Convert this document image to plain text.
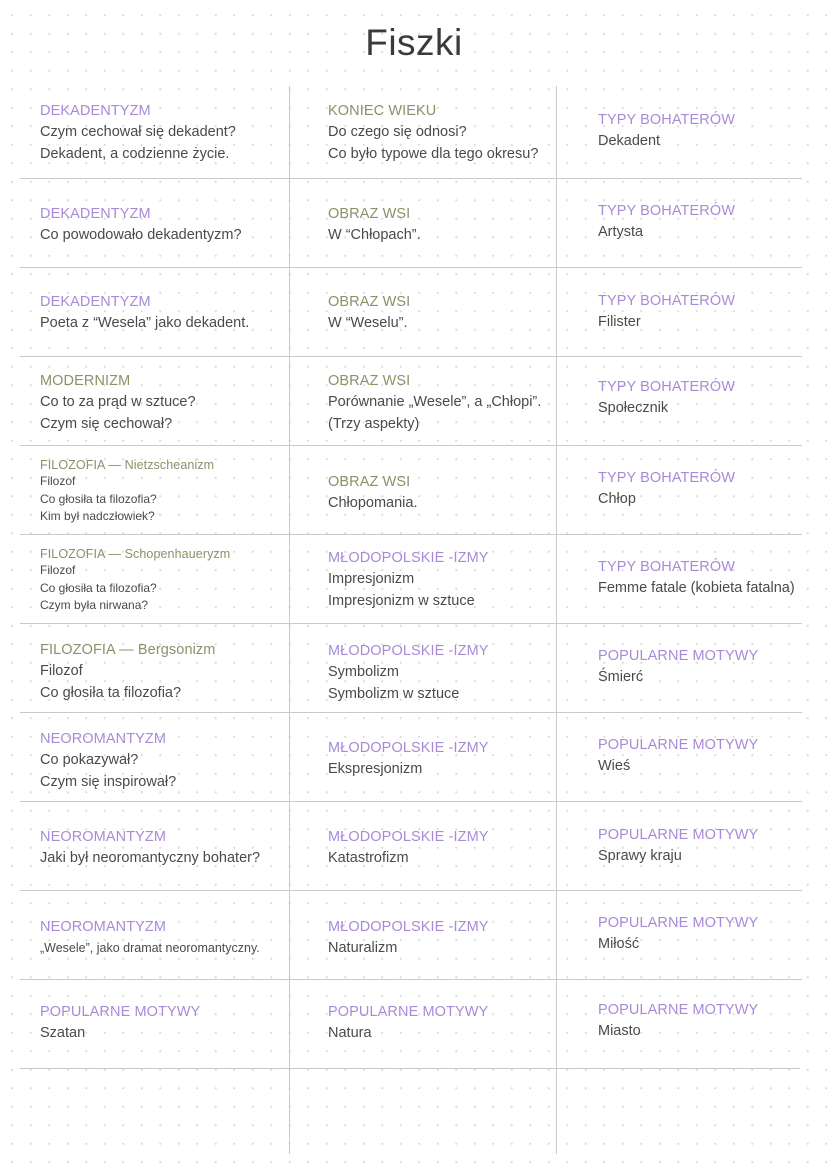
Fiszki
DEKADENTYZM
Czym cechował się dekadent?
Dekadent, a codzienne życie.
DEKADENTYZM
Co powodowało dekadentyzm?
DEKADENTYZM
Poeta z “Wesela” jako dekadent.
MODERNIZM
Co to za prąd w sztuce?
Czym się cechował?
FILOZOFIA — Nietzscheanizm
Filozof
Co głosiła ta filozofia?
Kim był nadczłowiek?
FILOZOFIA — Schopenhaueryzm
Filozof
Co głosiła ta filozofia?
Czym była nirwana?
FILOZOFIA — Bergsonizm
Filozof
Co głosiła ta filozofia?
NEOROMANTYZM
Co pokazywał?
Czym się inspirował?
NEOROMANTYZM
Jaki był neoromantyczny bohater?
NEOROMANTYZM
„Wesele”, jako dramat neoromantyczny.
POPULARNE MOTYWY
Szatan
KONIEC WIEKU
Do czego się odnosi?
Co było typowe dla tego okresu?
OBRAZ WSI
W “Chłopach”.
OBRAZ WSI
W “Weselu”.
OBRAZ WSI
Porównanie „Wesele”, a „Chłopi”.
(Trzy aspekty)
OBRAZ WSI
Chłopomania.
MŁODOPOLSKIE -IZMY
Impresjonizm
Impresjonizm w sztuce
MŁODOPOLSKIE -IZMY
Symbolizm
Symbolizm w sztuce
MŁODOPOLSKIE -IZMY
Ekspresjonizm
MŁODOPOLSKIE -IZMY
Katastrofizm
MŁODOPOLSKIE -IZMY
Naturalizm
POPULARNE MOTYWY
Natura
TYPY BOHATERÓW
Dekadent
TYPY BOHATERÓW
Artysta
TYPY BOHATERÓW
Filister
TYPY BOHATERÓW
Społecznik
TYPY BOHATERÓW
Chłop
TYPY BOHATERÓW
Femme fatale (kobieta fatalna)
POPULARNE MOTYWY
Śmierć
POPULARNE MOTYWY
Wieś
POPULARNE MOTYWY
Sprawy kraju
POPULARNE MOTYWY
Miłość
POPULARNE MOTYWY
Miasto
